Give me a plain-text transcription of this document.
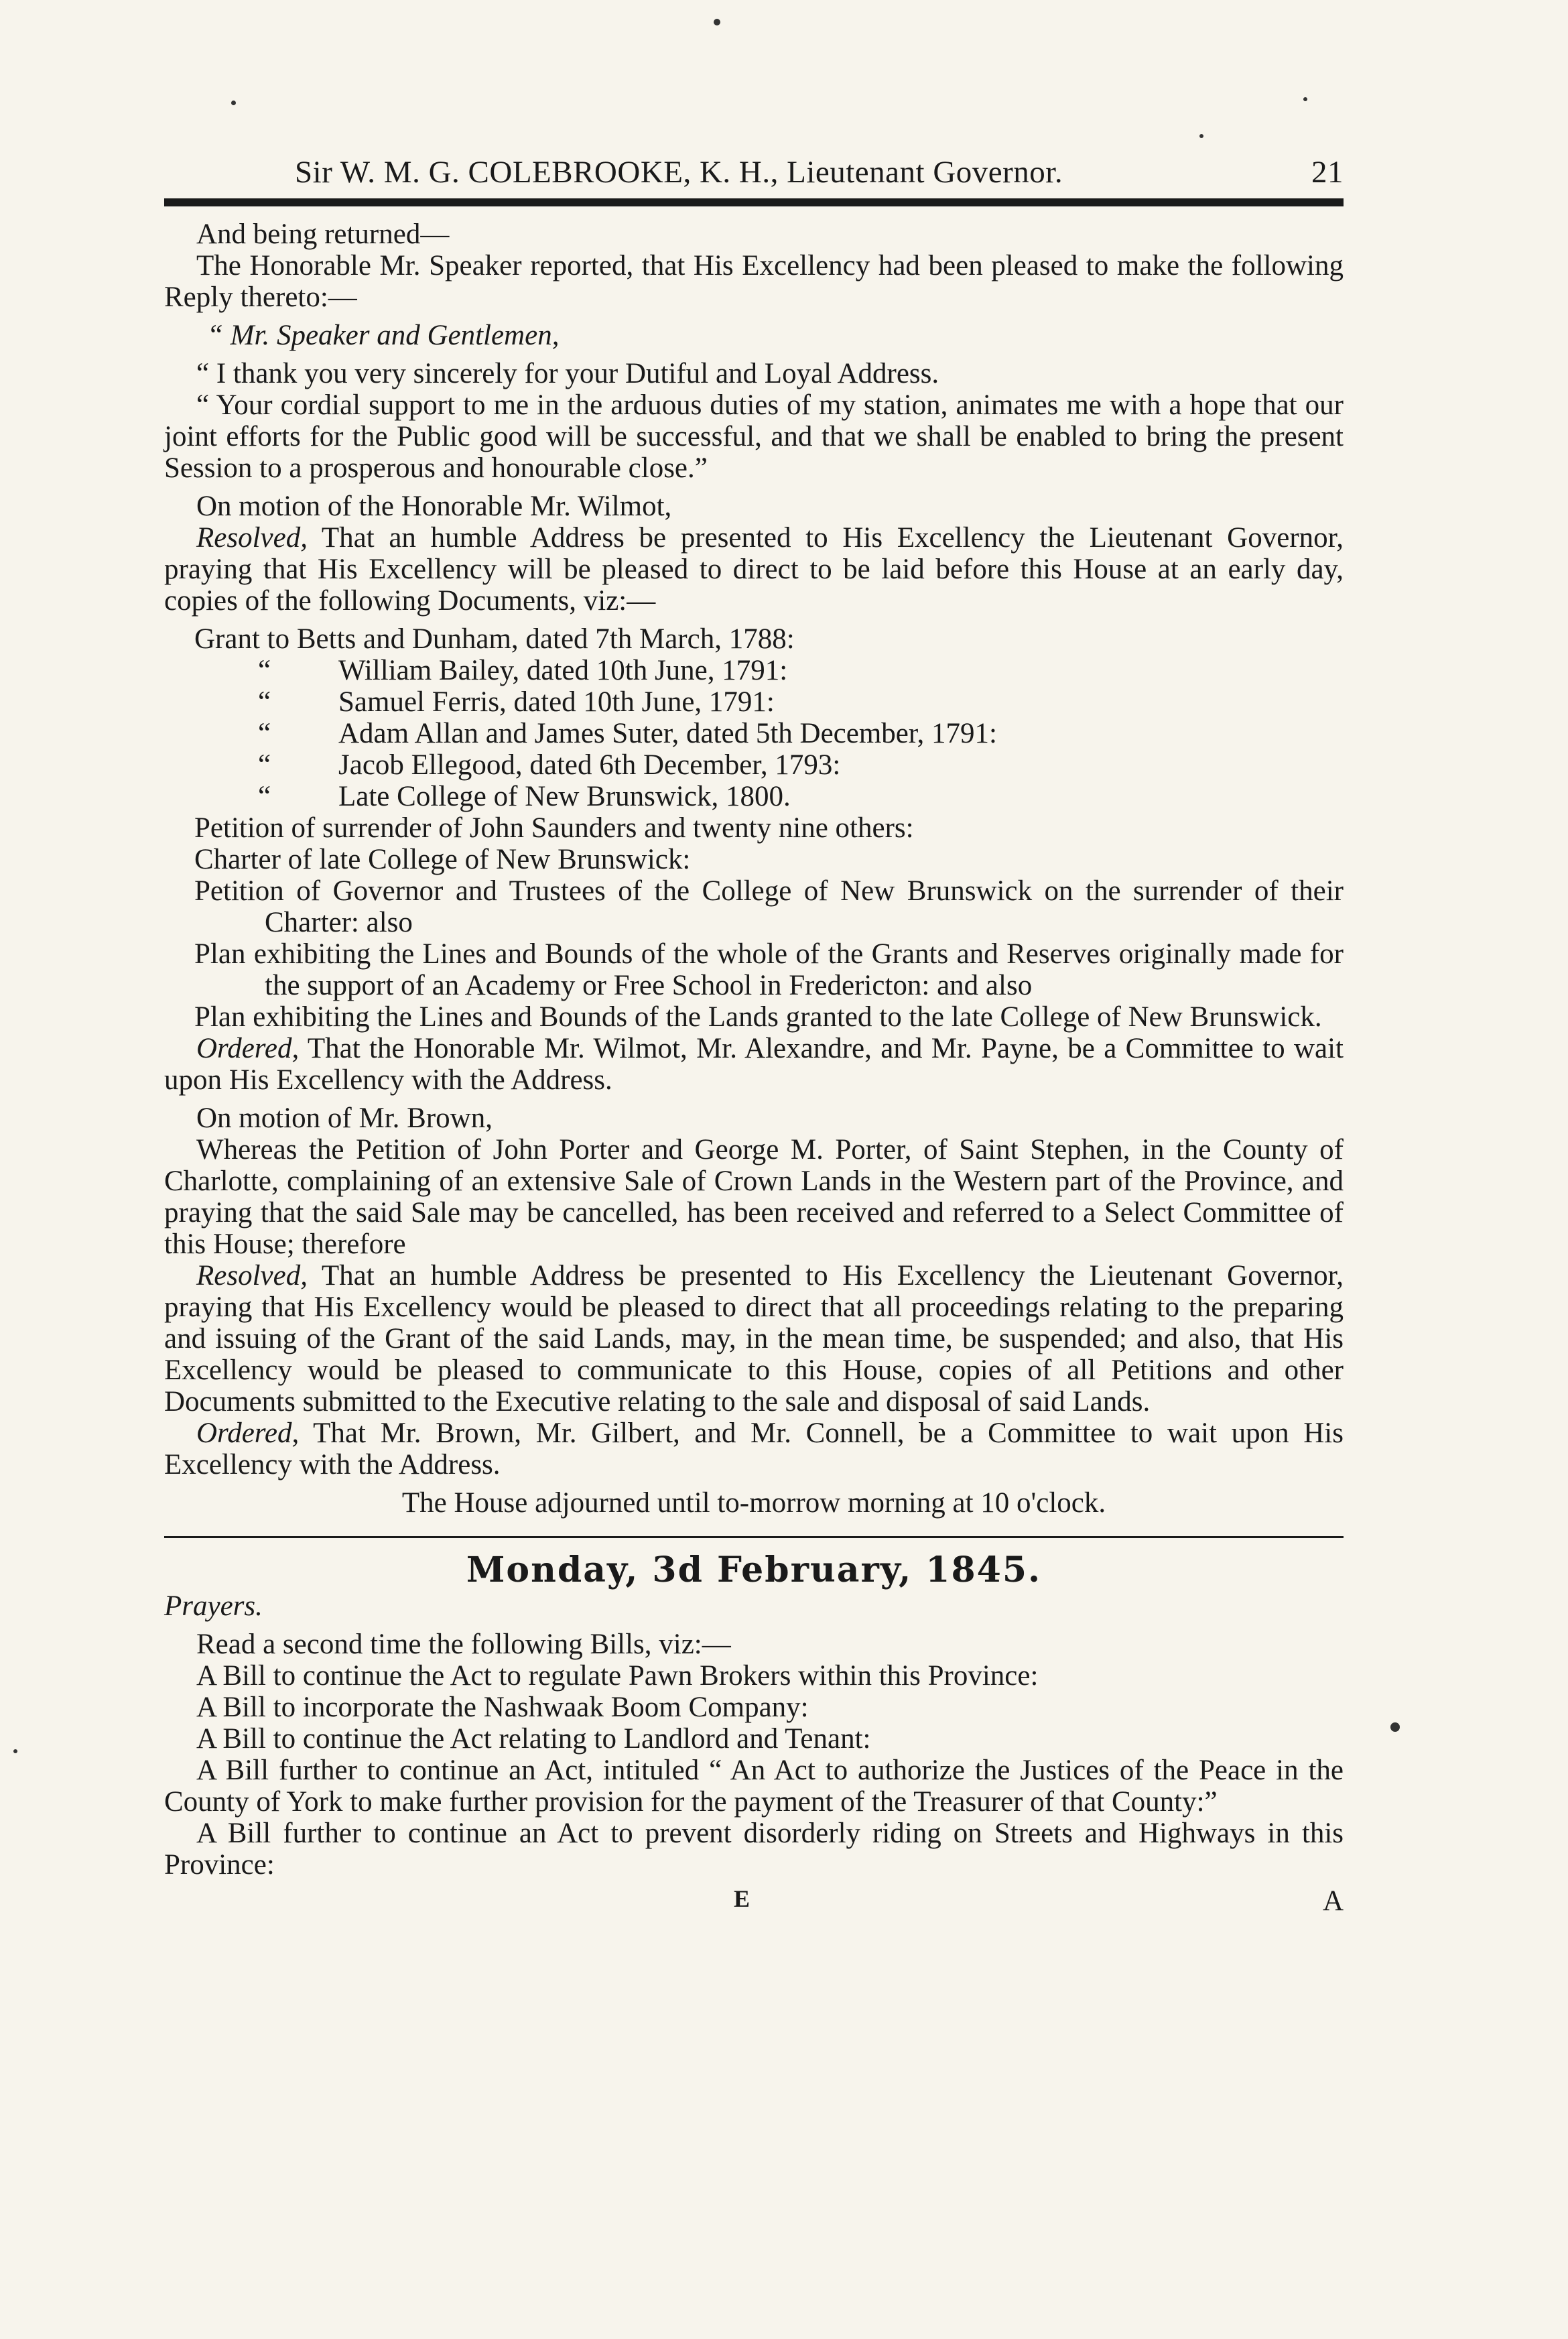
Sir W. M. G. COLEBROOKE, K. H., Lieutenant Governor.	21

And being returned—

The Honorable Mr. Speaker reported, that His Excellency had been pleased to make the following Reply thereto:—

“ Mr. Speaker and Gentlemen,

“ I thank you very sincerely for your Dutiful and Loyal Address.

“ Your cordial support to me in the arduous duties of my station, animates me with a hope that our joint efforts for the Public good will be successful, and that we shall be enabled to bring the present Session to a prosperous and honourable close.”

On motion of the Honorable Mr. Wilmot,

Resolved, That an humble Address be presented to His Excellency the Lieutenant Governor, praying that His Excellency will be pleased to direct to be laid before this House at an early day, copies of the following Documents, viz:—

Grant to Betts and Dunham, dated 7th March, 1788:
“	William Bailey, dated 10th June, 1791:
“	Samuel Ferris, dated 10th June, 1791:
“	Adam Allan and James Suter, dated 5th December, 1791:
“	Jacob Ellegood, dated 6th December, 1793:
“	Late College of New Brunswick, 1800.

Petition of surrender of John Saunders and twenty nine others:

Charter of late College of New Brunswick:

Petition of Governor and Trustees of the College of New Brunswick on the surrender of their Charter: also

Plan exhibiting the Lines and Bounds of the whole of the Grants and Reserves originally made for the support of an Academy or Free School in Fredericton: and also

Plan exhibiting the Lines and Bounds of the Lands granted to the late College of New Brunswick.

Ordered, That the Honorable Mr. Wilmot, Mr. Alexandre, and Mr. Payne, be a Committee to wait upon His Excellency with the Address.

On motion of Mr. Brown,

Whereas the Petition of John Porter and George M. Porter, of Saint Stephen, in the County of Charlotte, complaining of an extensive Sale of Crown Lands in the Western part of the Province, and praying that the said Sale may be cancelled, has been received and referred to a Select Committee of this House; therefore

Resolved, That an humble Address be presented to His Excellency the Lieutenant Governor, praying that His Excellency would be pleased to direct that all proceedings relating to the preparing and issuing of the Grant of the said Lands, may, in the mean time, be suspended; and also, that His Excellency would be pleased to communicate to this House, copies of all Petitions and other Documents submitted to the Executive relating to the sale and disposal of said Lands.

Ordered, That Mr. Brown, Mr. Gilbert, and Mr. Connell, be a Committee to wait upon His Excellency with the Address.

The House adjourned until to-morrow morning at 10 o'clock.

Monday, 3d February, 1845.

Prayers.

Read a second time the following Bills, viz:—

A Bill to continue the Act to regulate Pawn Brokers within this Province:

A Bill to incorporate the Nashwaak Boom Company:

A Bill to continue the Act relating to Landlord and Tenant:

A Bill further to continue an Act, intituled “ An Act to authorize the Justices of the Peace in the County of York to make further provision for the payment of the Treasurer of that County:”

A Bill further to continue an Act to prevent disorderly riding on Streets and Highways in this Province:

E	A
